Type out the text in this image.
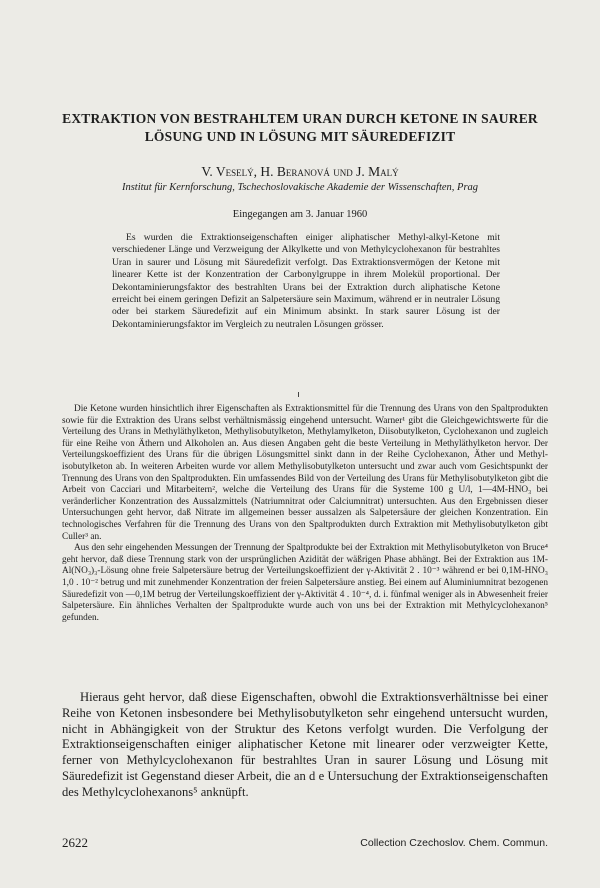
EXTRAKTION VON BESTRAHLTEM URAN DURCH KETONE IN SAURER
LÖSUNG UND IN LÖSUNG MIT SÄUREDEFIZIT
V. Veselý, H. Beranová und J. Malý
Institut für Kernforschung, Tschechoslovakische Akademie der Wissenschaften, Prag
Eingegangen am 3. Januar 1960
Es wurden die Extraktionseigenschaften einiger aliphatischer Methyl-alkyl-Ketone mit verschiedener Länge und Verzweigung der Alkylkette und von Methylcyclohexanon für bestrahltes Uran in saurer und Lösung mit Säuredefizit verfolgt. Das Extraktionsvermögen der Ketone mit linearer Kette ist der Konzentration der Carbonylgruppe in ihrem Molekül proportional. Der Dekontaminierungsfaktor des bestrahlten Urans bei der Extraktion durch aliphatische Ketone erreicht bei einem geringen Defizit an Salpetersäure sein Maximum, während er in neutraler Lösung oder bei starkem Säuredefizit auf ein Minimum absinkt. In stark saurer Lösung ist der Dekontaminierungsfaktor im Vergleich zu neutralen Lösungen grösser.

Die Ketone wurden hinsichtlich ihrer Eigenschaften als Extraktionsmittel für die Trennung des Urans von den Spaltprodukten sowie für die Extraktion des Urans selbst verhältnismässig eingehend untersucht. Warner¹ gibt die Gleichgewichtswerte für die Verteilung des Urans in Methyläthylketon, Methylisobutylketon, Methylamylketon, Diisobutylketon, Cyclohexanon und zugleich für eine Reihe von Äthern und Alkoholen an. Aus diesen Angaben geht die beste Verteilung in Methyläthylketon hervor. Der Verteilungskoeffizient des Urans für die übrigen Lösungsmittel sinkt dann in der Reihe Cyclohexanon, Äther und Methyl-isobutylketon ab. In weiteren Arbeiten wurde vor allem Methylisobutylketon untersucht und zwar auch vom Gesichtspunkt der Trennung des Urans von den Spaltprodukten. Ein umfassendes Bild von der Verteilung des Urans für Methylisobutylketon gibt die Arbeit von Cacciari und Mitarbeitern², welche die Verteilung des Urans für die Systeme 100 g U/l, 1—4M-HNO₃ bei veränderlicher Konzentration des Aussalzmittels (Natriumnitrat oder Calciumnitrat) untersuchten. Aus den Ergebnissen dieser Untersuchungen geht hervor, daß Nitrate im allgemeinen besser aussalzen als Salpetersäure der gleichen Konzentration. Ein technologisches Verfahren für die Trennung des Urans von den Spaltprodukten durch Extraktion mit Methylisobutylketon gibt Culler³ an.

Aus den sehr eingehenden Messungen der Trennung der Spaltprodukte bei der Extraktion mit Methylisobutylketon von Bruce⁴ geht hervor, daß diese Trennung stark von der ursprünglichen Azidität der wäßrigen Phase abhängt. Bei der Extraktion aus 1M-Al(NO₃)₃-Lösung ohne freie Salpetersäure betrug der Verteilungskoeffizient der γ-Aktivität 2 . 10⁻³ während er bei 0,1M-HNO₃ 1,0 . 10⁻² betrug und mit zunehmender Konzentration der freien Salpetersäure anstieg. Bei einem auf Aluminiumnitrat bezogenen Säuredefizit von —0,1M betrug der Verteilungskoeffizient der γ-Aktivität 4 . 10⁻⁴, d. i. fünfmal weniger als in Abwesenheit freier Salpetersäure. Ein ähnliches Verhalten der Spaltprodukte wurde auch von uns bei der Extraktion mit Methylcyclohexanon⁵ gefunden.

Hieraus geht hervor, daß diese Eigenschaften, obwohl die Extraktionsverhältnisse bei einer Reihe von Ketonen insbesondere bei Methylisobutylketon sehr eingehend untersucht wurden, nicht in Abhängigkeit von der Struktur des Ketons verfolgt wurden. Die Verfolgung der Extraktionseigenschaften einiger aliphatischer Ketone mit linearer oder verzweigter Kette, ferner von Methylcyclohexanon für bestrahltes Uran in saurer Lösung und Lösung mit Säuredefizit ist Gegenstand dieser Arbeit, die an d e Untersuchung der Extraktionseigenschaften des Methylcyclohexanons⁵ anknüpft.
2622	Collection Czechoslov. Chem. Commun.
